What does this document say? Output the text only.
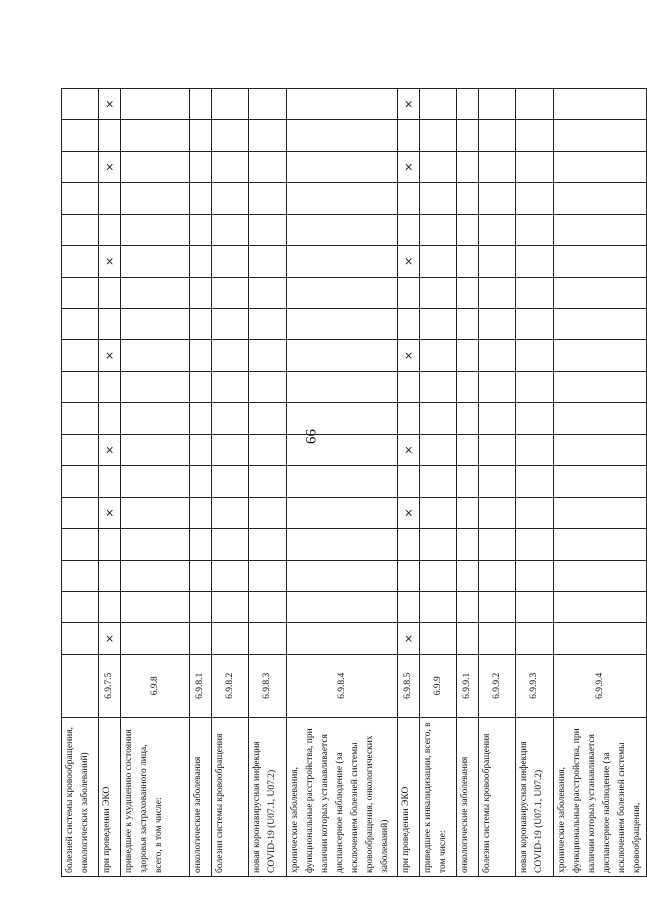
99
болезней системы кровообращения, онкологических заболеваний)																			
при проведении ЭКО	6.9.7.5	×				×		×			×			×			×		×
приведшее к ухудшению состояния здоровья застрахованного лица, всего, в том числе:	6.9.8																		
онкологические заболевания	6.9.8.1																		
болезни системы кровообращения	6.9.8.2																		
новая коронавирусная инфекция COVID-19 (U07.1, U07.2)	6.9.8.3																		
хронические заболевания, функциональные расстройства, при наличии которых устанавливается диспансерное наблюдение (за исключением болезней системы кровообращения, онкологических заболеваний)	6.9.8.4																		
при проведении ЭКО	6.9.8.5	×				×		×			×			×			×		×
приведшее к инвалидизации, всего, в том числе:	6.9.9																		
онкологические заболевания	6.9.9.1																		
болезни системы кровообращения	6.9.9.2																		
новая коронавирусная инфекция COVID-19 (U07.1, U07.2)	6.9.9.3																		
хронические заболевания, функциональные расстройства, при наличии которых устанавливается диспансерное наблюдение (за исключением болезней системы кровообращения,	6.9.9.4																		
